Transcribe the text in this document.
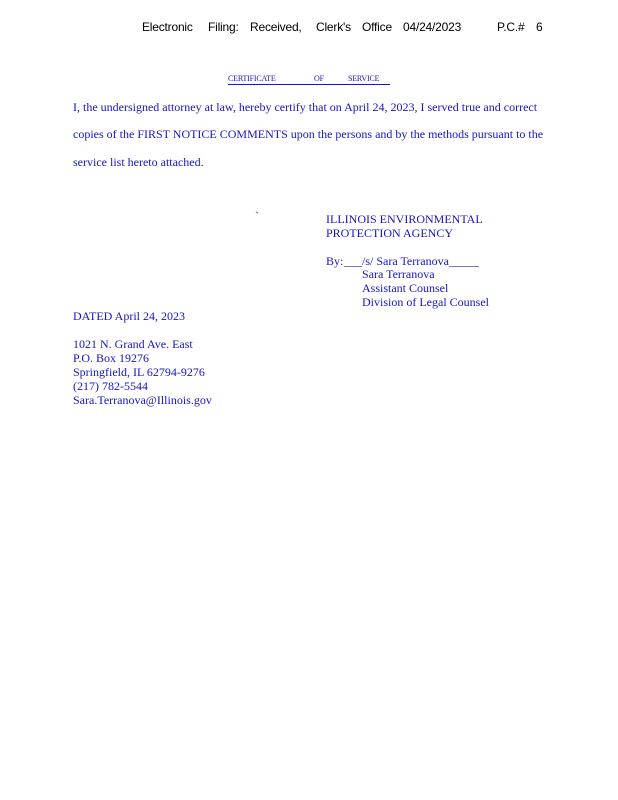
Electronic Filing: Received, Clerk's Office 04/24/2023	P.C.# 6
CERTIFICATE	OF	SERVICE
I, the undersigned attorney at law, hereby certify that on April 24, 2023, I served true and correct
copies of the FIRST NOTICE COMMENTS upon the persons and by the methods pursuant to the
service list hereto attached.
`	ILLINOIS ENVIRONMENTAL
PROTECTION AGENCY
By: ___/s/ Sara Terranova_____
Sara Terranova
Assistant Counsel
Division of Legal Counsel
DATED April 24, 2023
1021 N. Grand Ave. East
P.O. Box 19276
Springfield, IL 62794-9276
(217) 782-5544
Sara.Terranova@Illinois.gov
